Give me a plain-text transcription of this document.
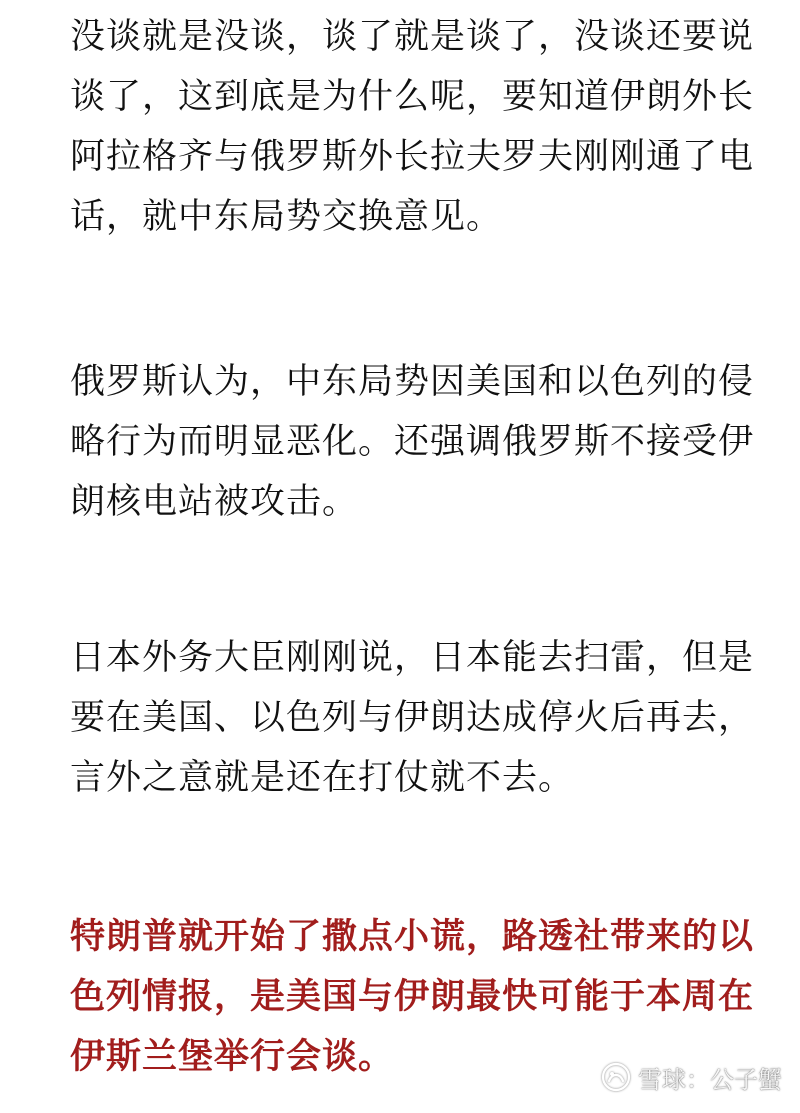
没谈就是没谈，谈了就是谈了，没谈还要说
谈了，这到底是为什么呢，要知道伊朗外长
阿拉格齐与俄罗斯外长拉夫罗夫刚刚通了电
话，就中东局势交换意见。
俄罗斯认为，中东局势因美国和以色列的侵
略行为而明显恶化。还强调俄罗斯不接受伊
朗核电站被攻击。
日本外务大臣刚刚说，日本能去扫雷，但是
要在美国、以色列与伊朗达成停火后再去，
言外之意就是还在打仗就不去。
特朗普就开始了撒点小谎，路透社带来的以
色列情报，是美国与伊朗最快可能于本周在
伊斯兰堡举行会谈。
雪球：公子蟹
